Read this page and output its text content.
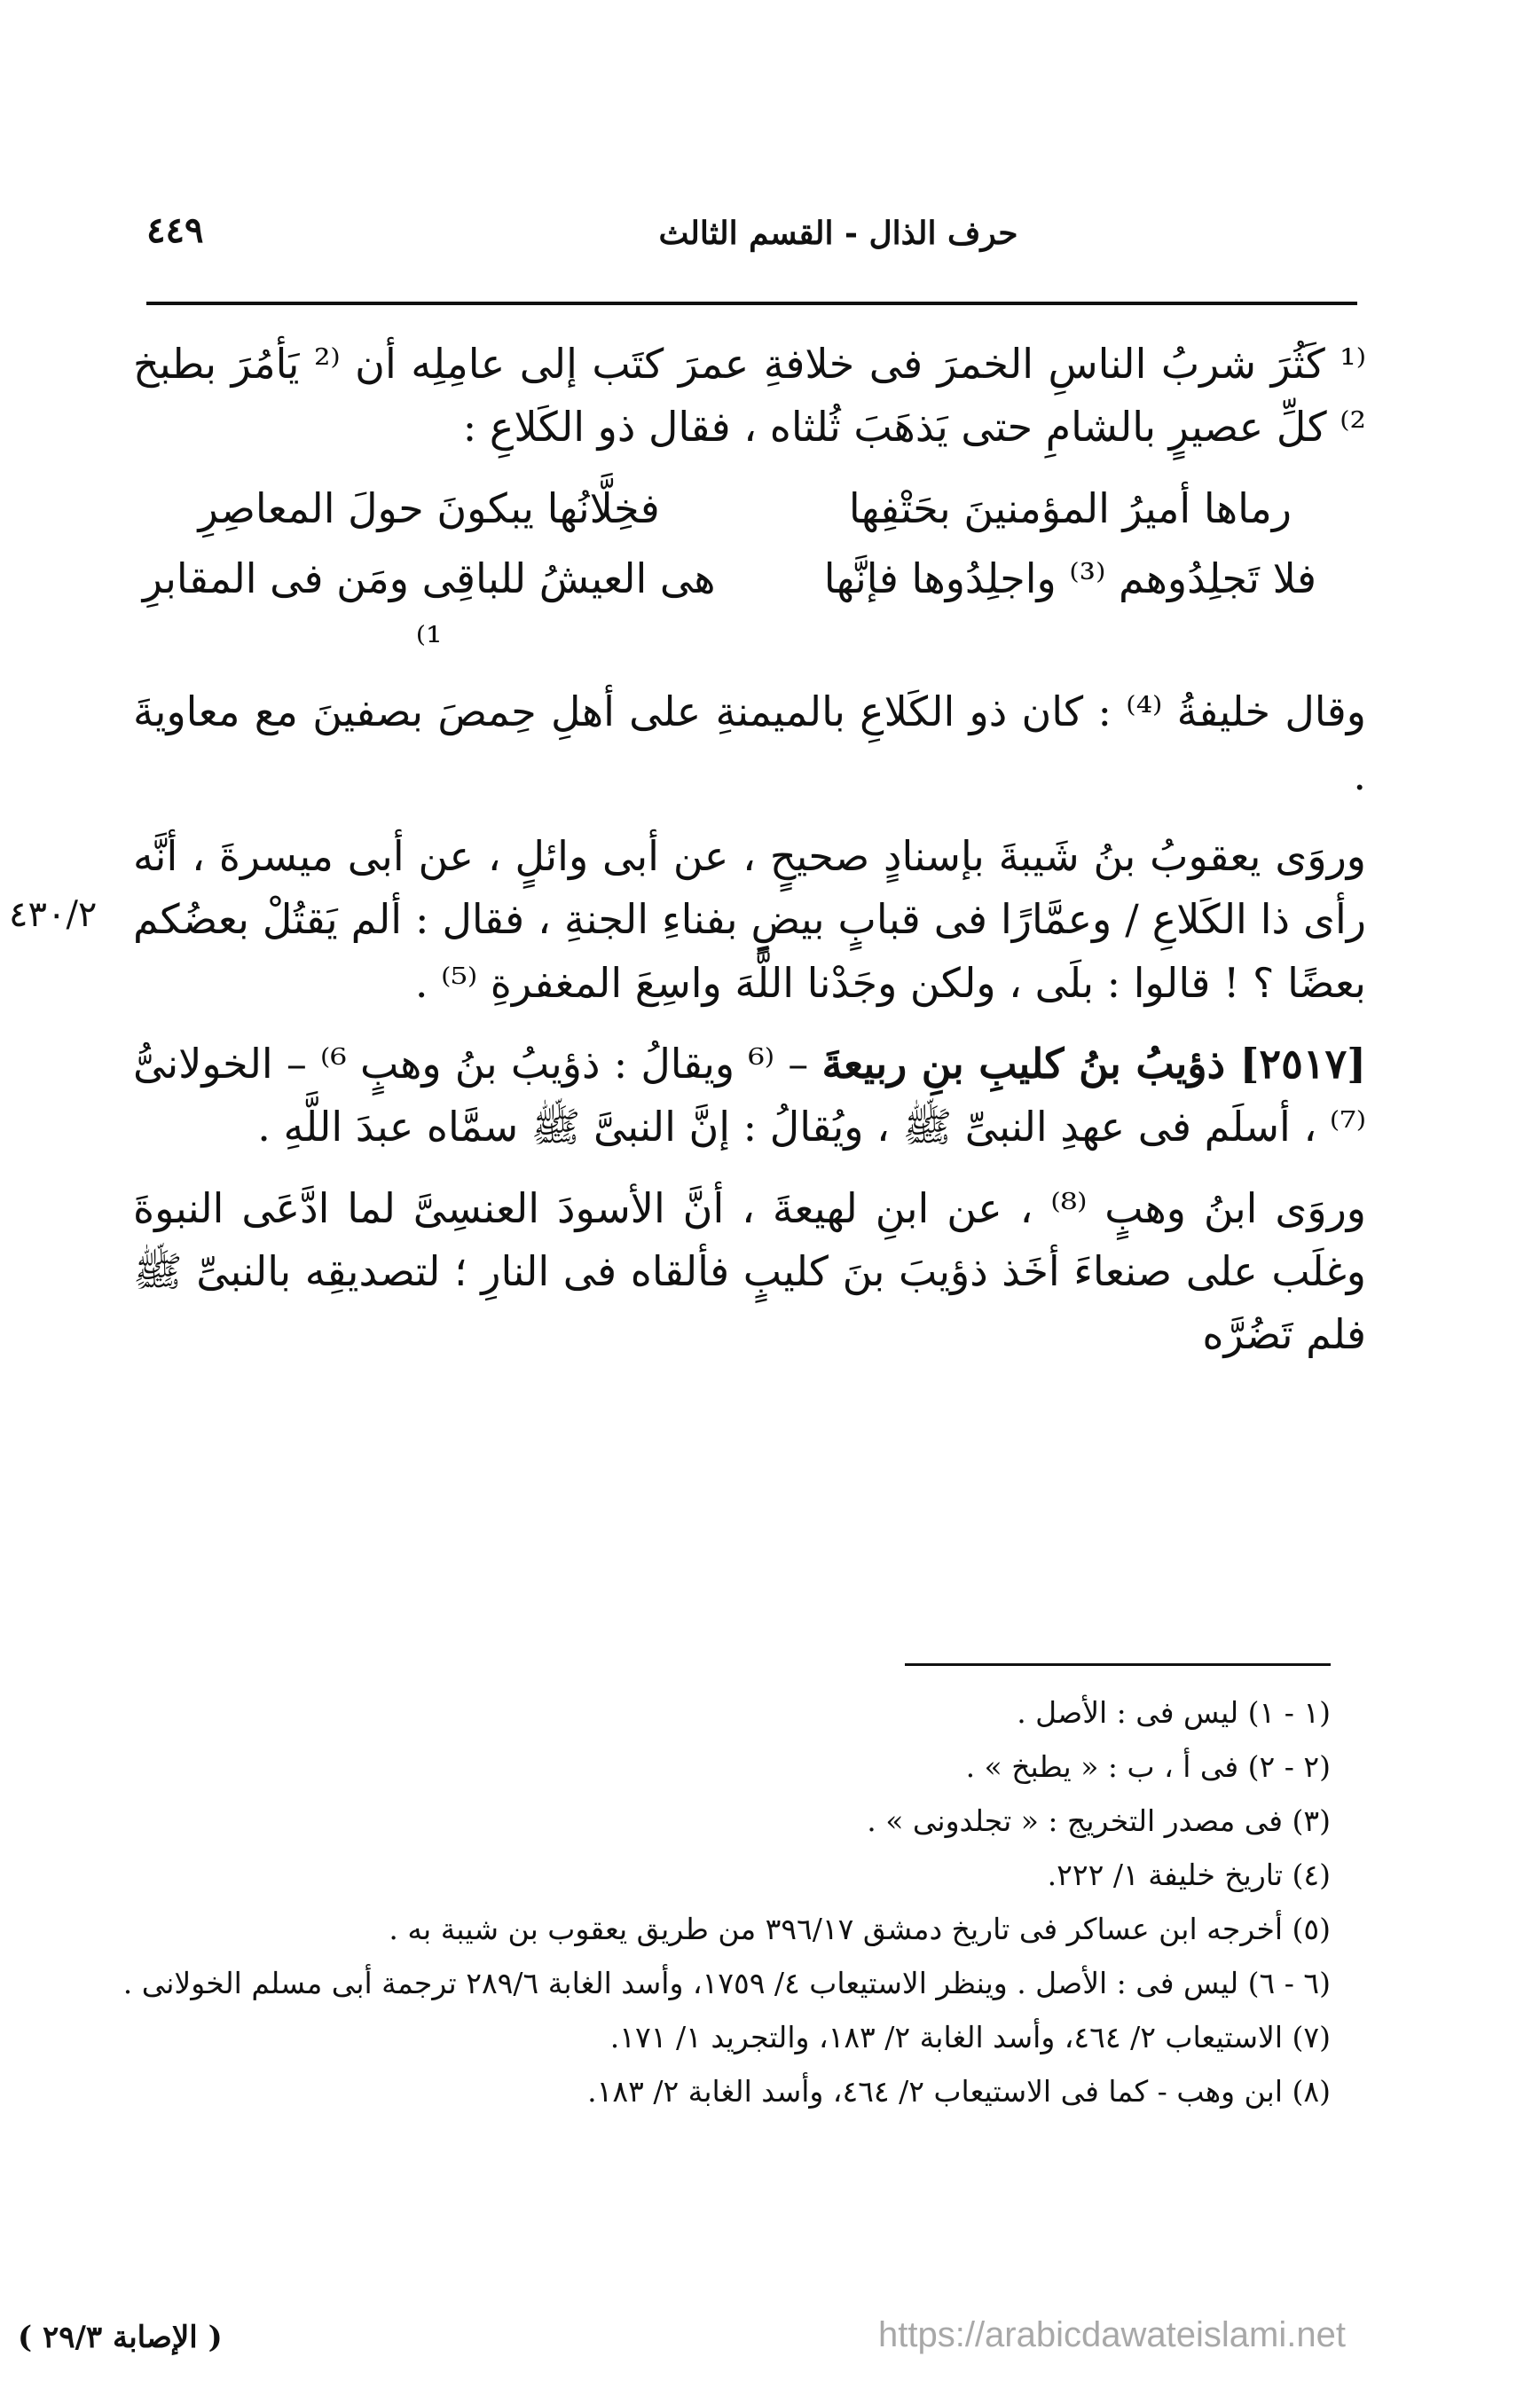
٤٤٩	حرف الذال - القسم الثالث

⁽¹ كَثُرَ شربُ الناسِ الخمرَ فى خلافةِ عمرَ كتَب إلى عامِلِه أن ⁽² يَأمُرَ بطبخ ²⁾ كلِّ عصيرٍ بالشامِ حتى يَذهَبَ ثُلثاه ، فقال ذو الكَلاعِ :

رماها أميرُ المؤمنينَ بحَتْفِها
فخِلَّانُها يبكونَ حولَ المعاصِرِ
فلا تَجلِدُوهم ⁽³⁾ واجلِدُوها فإنَّها
هى العيشُ للباقِى ومَن فى المقابرِ ¹⁾

وقال خليفةُ ⁽⁴⁾ : كان ذو الكَلاعِ بالميمنةِ على أهلِ حِمصَ بصفينَ مع معاويةَ .

وروَى يعقوبُ بنُ شَيبةَ بإسنادٍ صحيحٍ ، عن أبى وائلٍ ، عن أبى ميسرةَ ، أنَّه رأى ذا الكَلاعِ / وعمَّارًا فى قبابٍ بيضٍ بفناءِ الجنةِ ، فقال : ألم يَقتُلْ بعضُكم بعضًا ؟ ! قالوا : بلَى ، ولكن وجَدْنا اللَّهَ واسِعَ المغفرةِ ⁽⁵⁾ .
٤٣٠/٢

[٢٥١٧] ذؤيبُ بنُ كليبِ بنِ ربيعةَ – ⁽⁶ ويقالُ : ذؤيبُ بنُ وهبٍ ⁶⁾ – الخولانىُّ ⁽⁷⁾ ، أسلَم فى عهدِ النبىِّ ﷺ ، ويُقالُ : إنَّ النبىَّ ﷺ سمَّاه عبدَ اللَّهِ .

وروَى ابنُ وهبٍ ⁽⁸⁾ ، عن ابنِ لهيعةَ ، أنَّ الأسودَ العنسِىَّ لما ادَّعَى النبوةَ وغلَب على صنعاءَ أخَذ ذؤيبَ بنَ كليبٍ فألقاه فى النارِ ؛ لتصديقِه بالنبىِّ ﷺ فلم تَضُرَّه

(١ - ١) ليس فى : الأصل .

(٢ - ٢) فى أ ، ب : « يطبخ » .

(٣) فى مصدر التخريج : « تجلدونى » .

(٤) تاريخ خليفة ١/ ٢٢٢.

(٥) أخرجه ابن عساكر فى تاريخ دمشق ٣٩٦/١٧ من طريق يعقوب بن شيبة به .

(٦ - ٦) ليس فى : الأصل . وينظر الاستيعاب ٤/ ١٧٥٩، وأسد الغابة ٢٨٩/٦ ترجمة أبى مسلم الخولانى .

(٧) الاستيعاب ٢/ ٤٦٤، وأسد الغابة ٢/ ١٨٣، والتجريد ١/ ١٧١.

(٨) ابن وهب - كما فى الاستيعاب ٢/ ٤٦٤، وأسد الغابة ٢/ ١٨٣.

( الإصابة ٢٩/٣ )	https://arabicdawateislami.net
